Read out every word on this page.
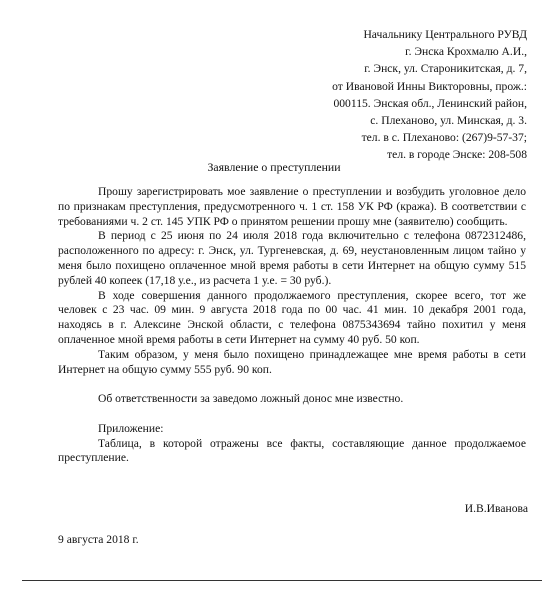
Начальнику Центрального РУВД
г. Энска Крохмалю А.И.,
г. Энск, ул. Староникитская, д. 7,
от Ивановой Инны Викторовны, прож.:
000115. Энская обл., Ленинский район,
с. Плеханово, ул. Минская, д. 3.
тел. в с. Плеханово: (267)9-57-37;
тел. в городе Энске: 208-508
Заявление о преступлении

Прошу зарегистрировать мое заявление о преступлении и возбудить уголовное дело по признакам преступления, предусмотренного ч. 1 ст. 158 УК РФ (кража). В соответствии с требованиями ч. 2 ст. 145 УПК РФ о принятом решении прошу мне (заявителю) сообщить.

В период с 25 июня по 24 июля 2018 года включительно с телефона 0872312486, расположенного по адресу: г. Энск, ул. Тургеневская, д. 69, неустановленным лицом тайно у меня было похищено оплаченное мной время работы в сети Интернет на общую сумму 515 рублей 40 копеек (17,18 у.е., из расчета 1 у.е. = 30 руб.).

В ходе совершения данного продолжаемого преступления, скорее всего, тот же человек с 23 час. 09 мин. 9 августа 2018 года по 00 час. 41 мин. 10 декабря 2001 года, находясь в г. Алексине Энской области, с телефона 0875343694 тайно похитил у меня оплаченное мной время работы в сети Интернет на сумму 40 руб. 50 коп.

Таким образом, у меня было похищено принадлежащее мне время работы в сети Интернет на общую сумму 555 руб. 90 коп.

Об ответственности за заведомо ложный донос мне известно.

Приложение:

Таблица, в которой отражены все факты, составляющие данное продолжаемое преступление.

И.В.Иванова
9 августа 2018 г.
